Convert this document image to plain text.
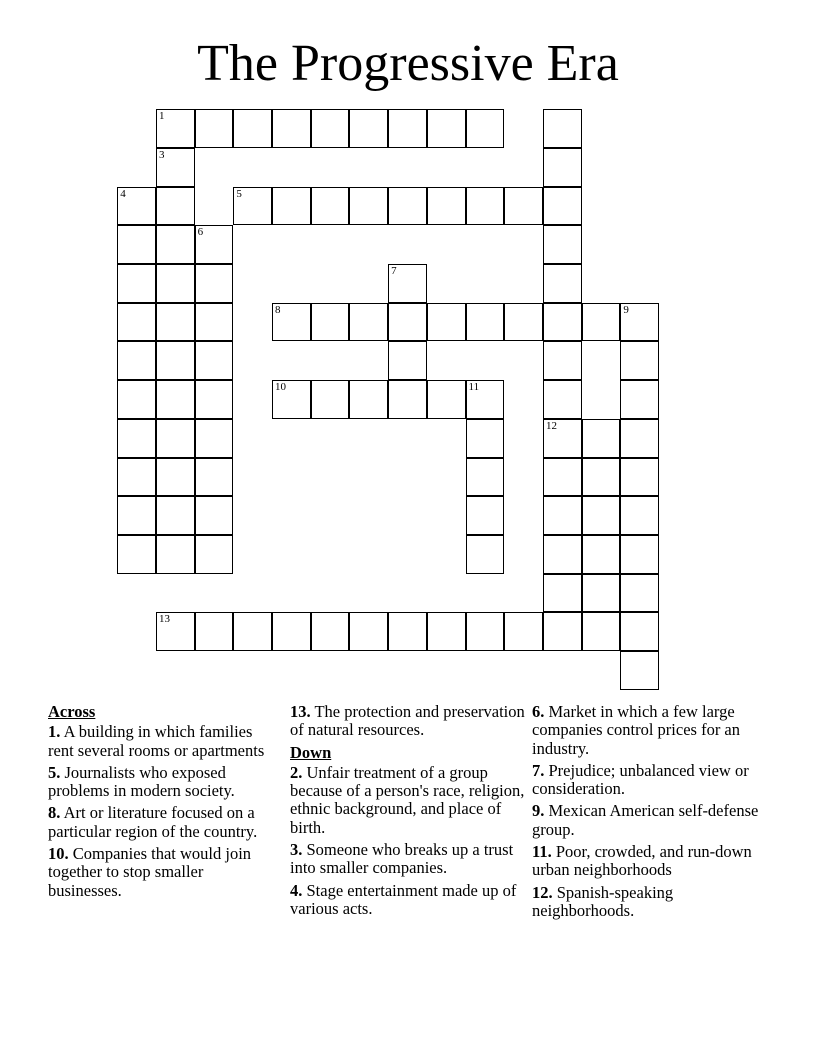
The Progressive Era
1
3
4	5
6
7
8	9
10	11
12
13
Across
1. A building in which families rent several rooms or apartments
5. Journalists who exposed problems in modern society.
8. Art or literature focused on a particular region of the country.
10. Companies that would join together to stop smaller businesses.
13. The protection and preservation of natural resources.
Down
2. Unfair treatment of a group because of a person's race, religion, ethnic background, and place of birth.
3. Someone who breaks up a trust into smaller companies.
4. Stage entertainment made up of various acts.
6. Market in which a few large companies control prices for an industry.
7. Prejudice; unbalanced view or consideration.
9. Mexican American self-defense group.
11. Poor, crowded, and run-down urban neighborhoods
12. Spanish-speaking neighborhoods.
